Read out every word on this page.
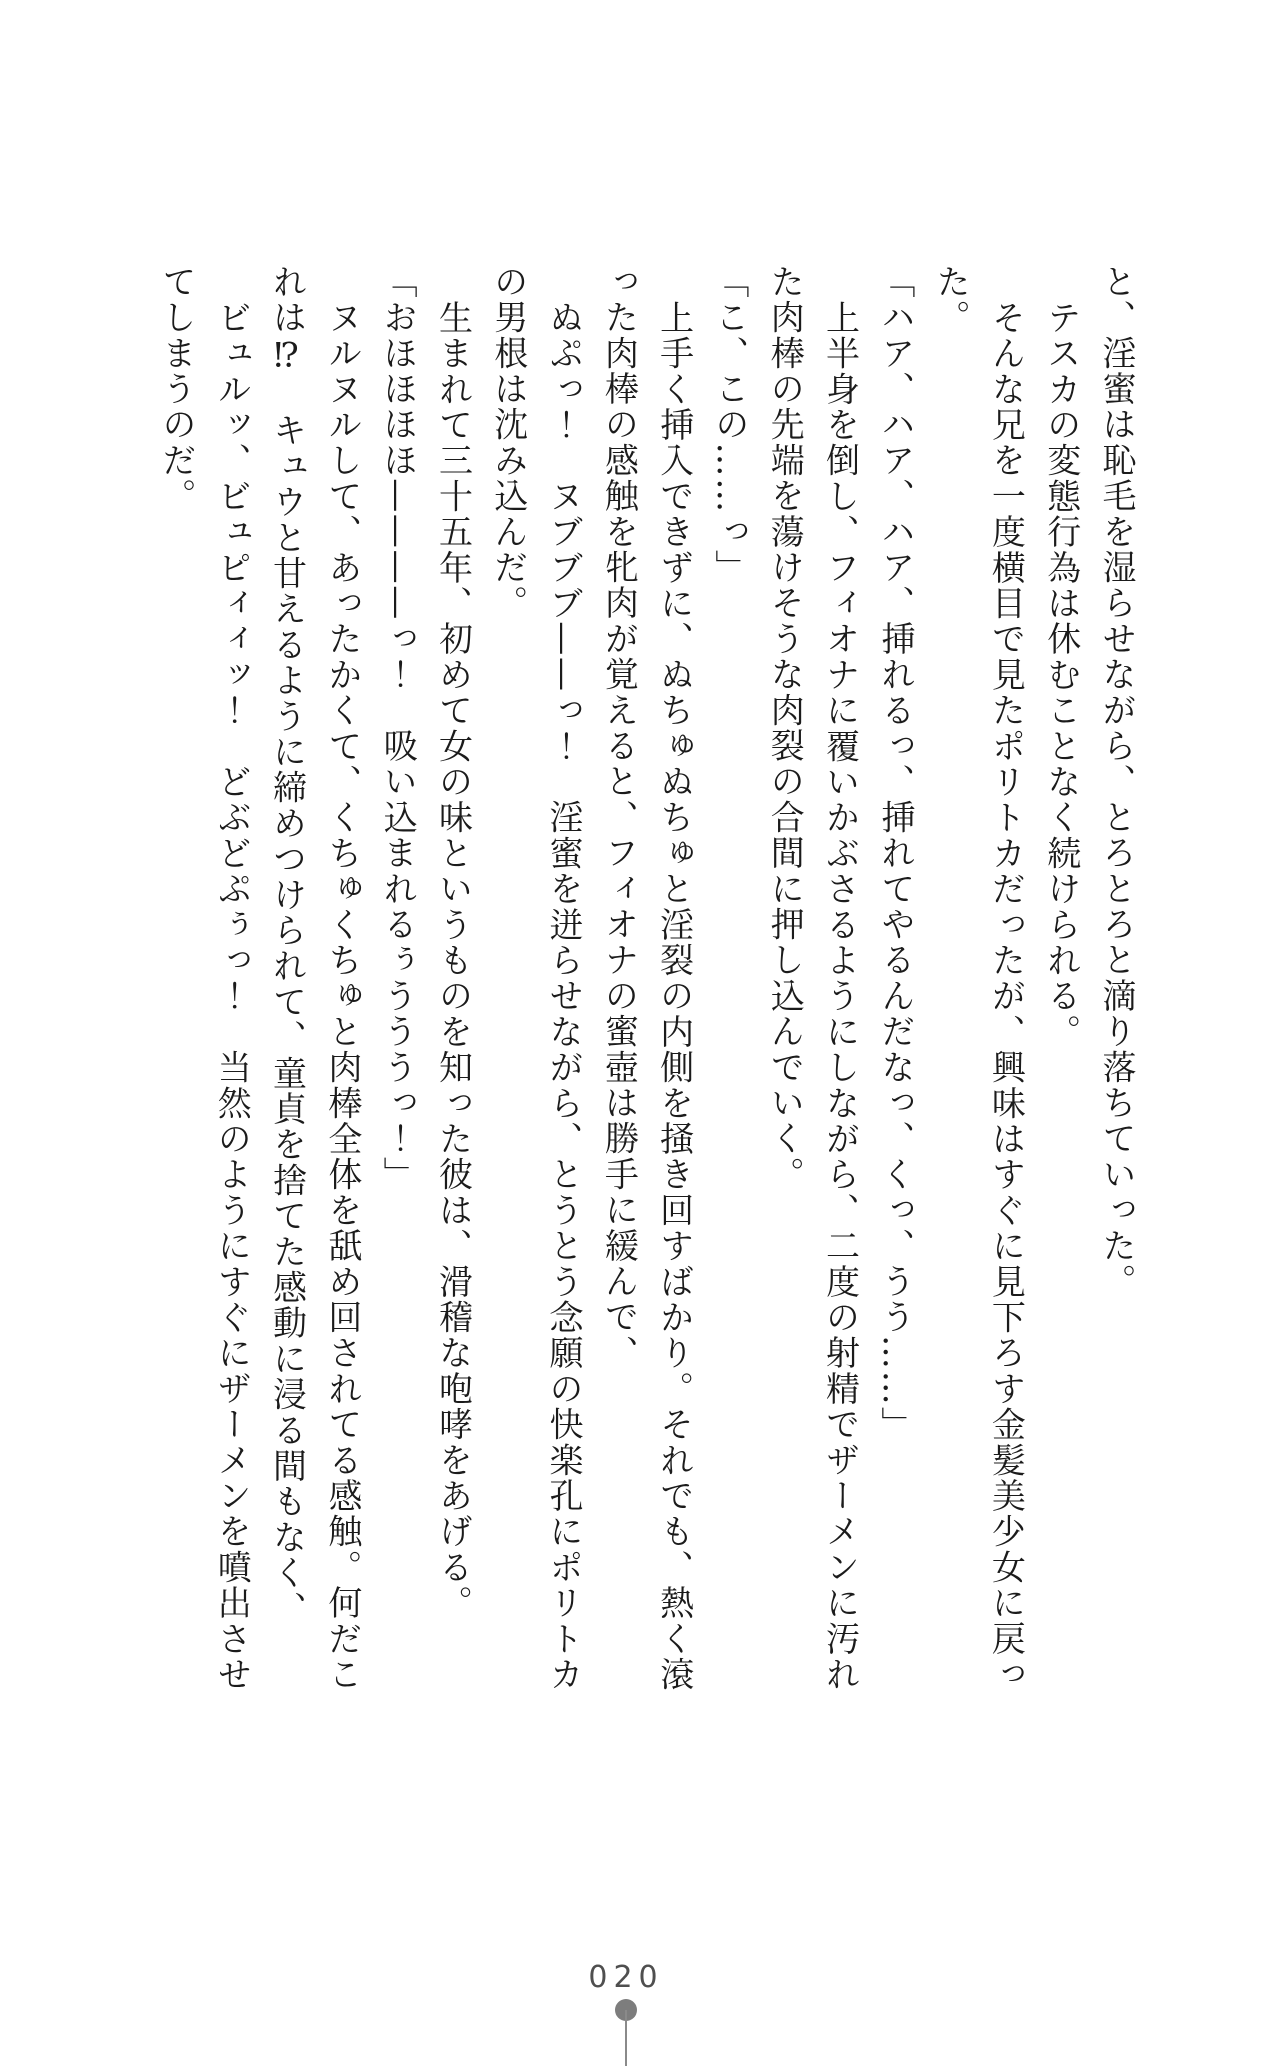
と、淫蜜は恥毛を湿らせながら、とろとろと滴り落ちていった。

テスカの変態行為は休むことなく続けられる。

そんな兄を一度横目で見たポリトカだったが、興味はすぐに見下ろす金髪美少女に戻っ

た。

「ハア、ハア、ハア、挿れるっ、挿れてやるんだなっ、くっ、うう……」

上半身を倒し、フィオナに覆いかぶさるようにしながら、二度の射精でザーメンに汚れ

た肉棒の先端を蕩けそうな肉裂の合間に押し込んでいく。

「こ、この……っ」

上手く挿入できずに、ぬちゅぬちゅと淫裂の内側を掻き回すばかり。それでも、熱く滾

った肉棒の感触を牝肉が覚えると、フィオナの蜜壺は勝手に緩んで、

ぬぷっ！　ヌブブブ——っ！　淫蜜を迸らせながら、とうとう念願の快楽孔にポリトカ

の男根は沈み込んだ。

生まれて三十五年、初めて女の味というものを知った彼は、滑稽な咆哮をあげる。

「おほほほほ————っ！　吸い込まれるぅうううっ！」

ヌルヌルして、あったかくて、くちゅくちゅと肉棒全体を舐め回されてる感触。何だこ

れは⁉　キュウと甘えるように締めつけられて、童貞を捨てた感動に浸る間もなく、

ビュルッ、ビュピィィッ！　どぶどぷぅっ！　当然のようにすぐにザーメンを噴出させ

てしまうのだ。

020
